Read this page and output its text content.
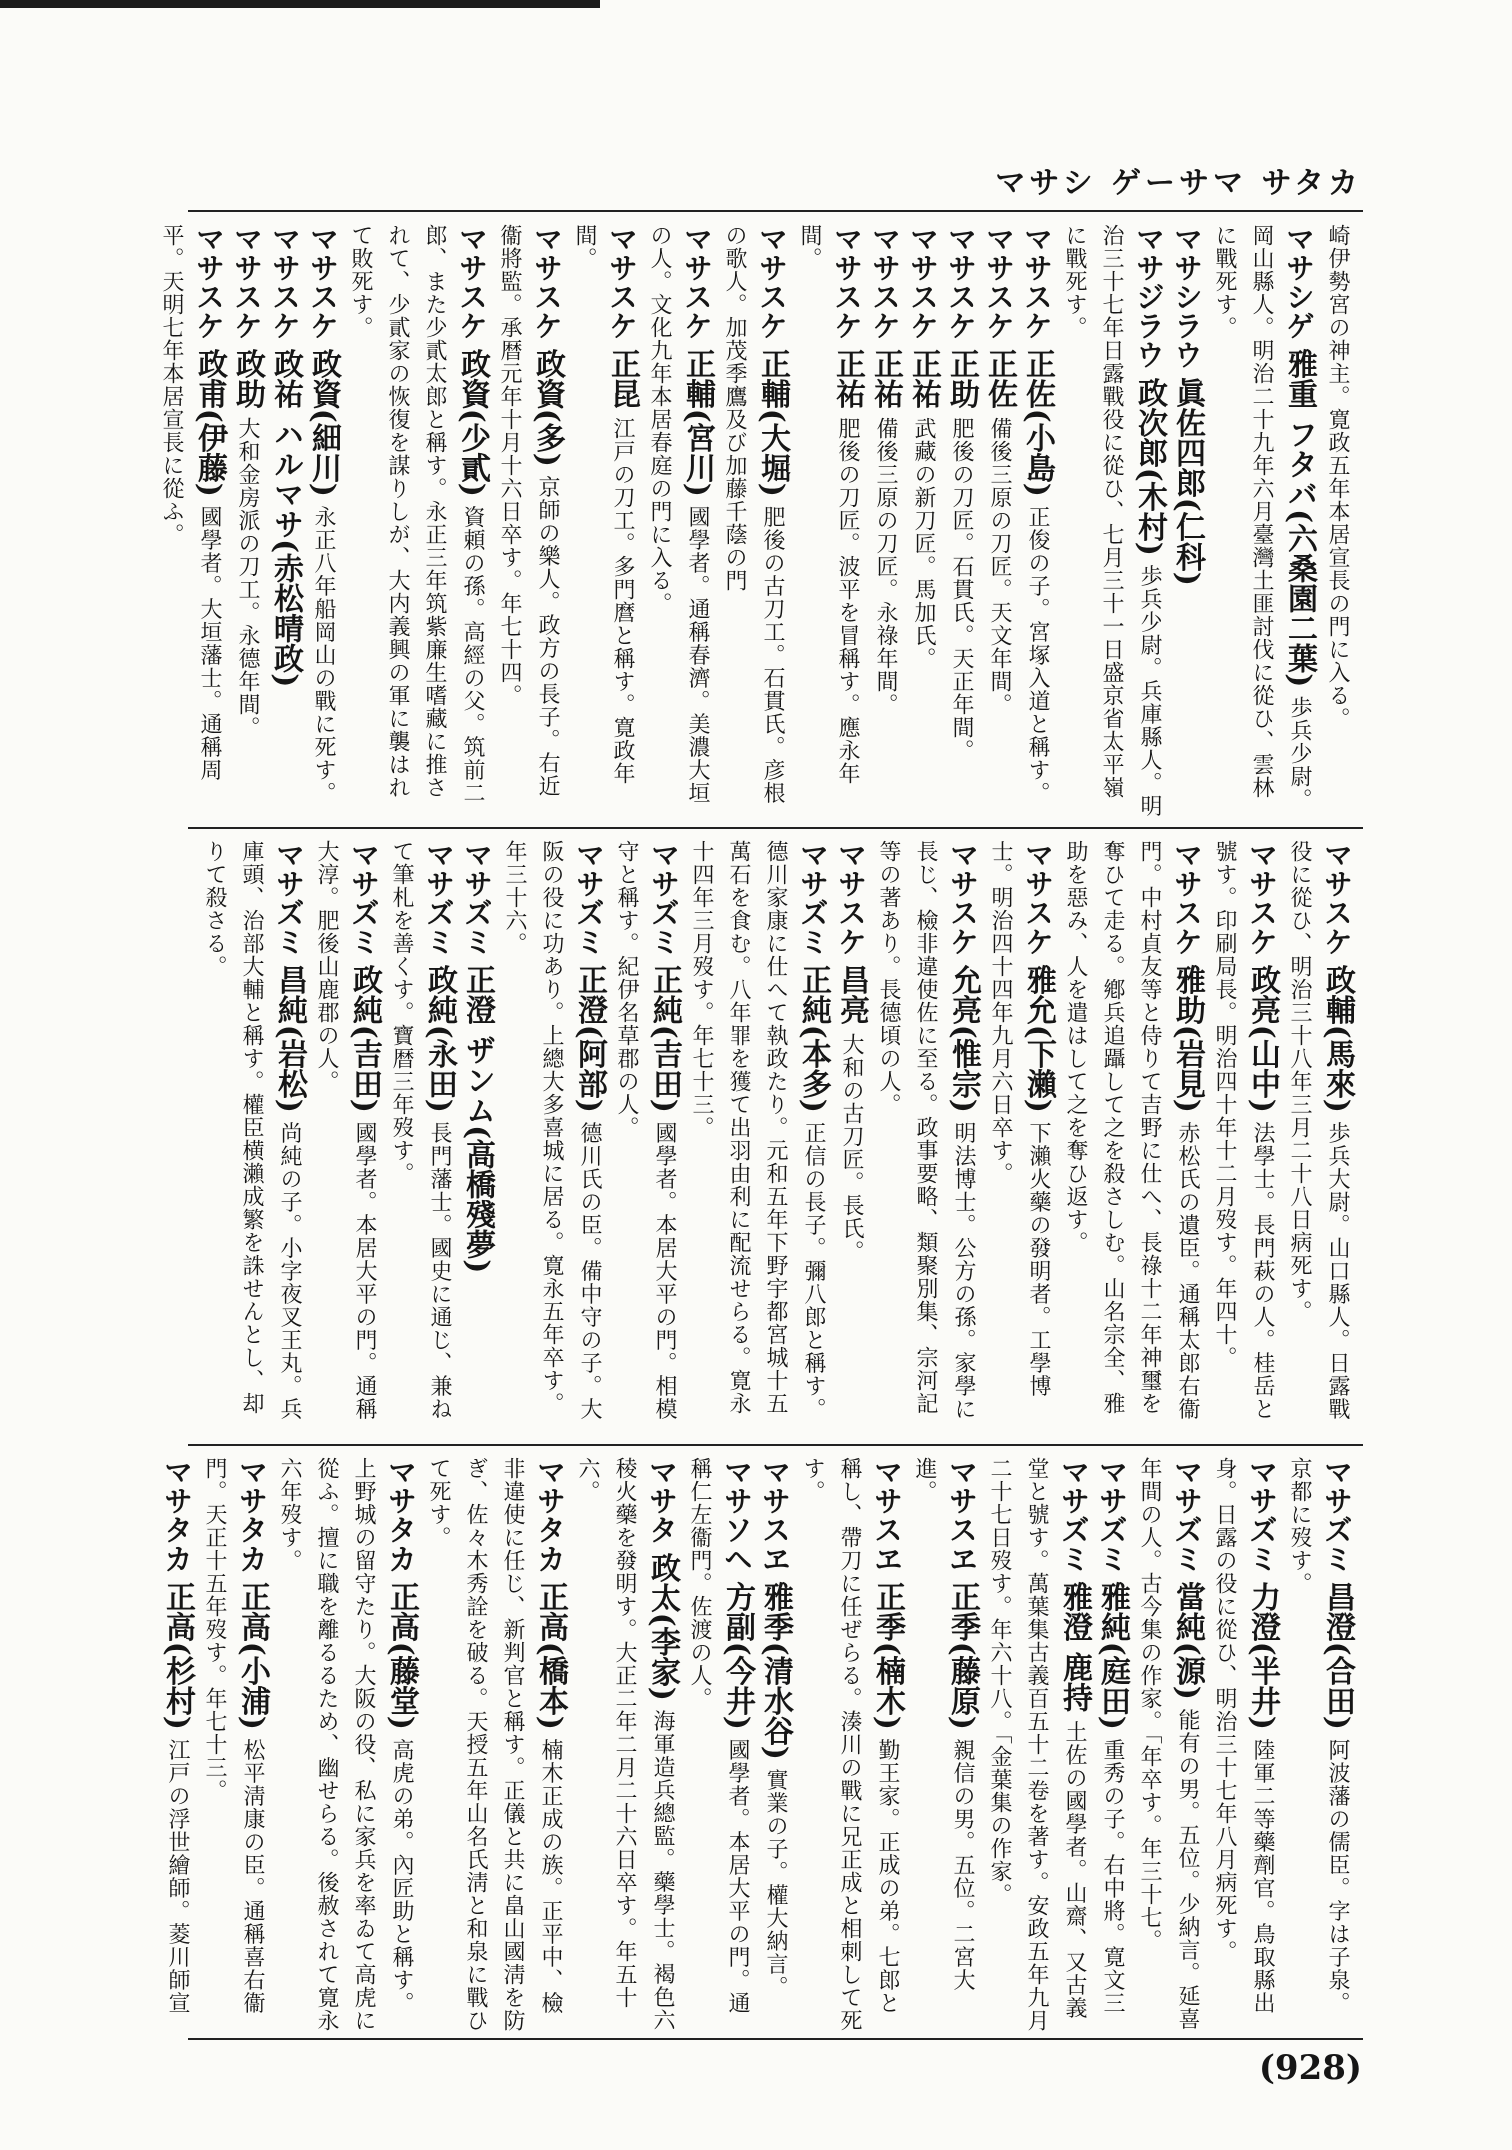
マサシ ゲーサマ サタカ
崎伊勢宮の神主。寛政五年本居宣長の門に入る。
マサシゲ 雅重 フタバ(六桑園二葉) 歩兵少尉。岡山縣人。明治二十九年六月臺灣土匪討伐に從ひ、雲林に戰死す。
マサシラウ 眞佐四郎(仁科)
マサジラウ 政次郎(木村) 歩兵少尉。兵庫縣人。明治三十七年日露戰役に從ひ、七月三十一日盛京省太平嶺に戰死す。
マサスケ 正佐(小島) 正俊の子。宮塚入道と稱す。
マサスケ 正佐 備後三原の刀匠。天文年間。
マサスケ 正助 肥後の刀匠。石貫氏。天正年間。
マサスケ 正祐 武藏の新刀匠。馬加氏。
マサスケ 正祐 備後三原の刀匠。永祿年間。
マサスケ 正祐 肥後の刀匠。波平を冒稱す。應永年間。
マサスケ 正輔(大堀) 肥後の古刀工。石貫氏。彦根の歌人。加茂季鷹及び加藤千蔭の門
マサスケ 正輔(宮川) 國學者。通稱春濟。美濃大垣の人。文化九年本居春庭の門に入る。
マサスケ 正昆 江戸の刀工。多門麿と稱す。寛政年間。
マサスケ 政資(多) 京師の樂人。政方の長子。右近衞將監。承暦元年十月十六日卒す。年七十四。
マサスケ 政資(少貳) 資頼の孫。高經の父。筑前二郎、また少貳太郎と稱す。永正三年筑紫廉生嗜藏に推されて、少貳家の恢復を謀りしが、大内義興の軍に襲はれて敗死す。
マサスケ 政資(細川) 永正八年船岡山の戰に死す。
マサスケ 政祐 ハルマサ(赤松晴政)
マサスケ 政助 大和金房派の刀工。永德年間。
マサスケ 政甫(伊藤) 國學者。大垣藩士。通稱周平。天明七年本居宣長に從ふ。
マサスケ 政輔(馬來) 歩兵大尉。山口縣人。日露戰役に從ひ、明治三十八年三月二十八日病死す。
マサスケ 政亮(山中) 法學士。長門萩の人。桂岳と號す。印刷局長。明治四十年十二月歿す。年四十。
マサスケ 雅助(岩見) 赤松氏の遺臣。通稱太郎右衞門。中村貞友等と侍りて吉野に仕へ、長祿十二年神璽を奪ひて走る。鄕兵追躡して之を殺さしむ。山名宗全、雅助を惡み、人を遣はして之を奪ひ返す。
マサスケ 雅允(下瀨) 下瀨火藥の發明者。工學博士。明治四十四年九月六日卒す。
マサスケ 允亮(惟宗) 明法博士。公方の孫。家學に長じ、檢非違使佐に至る。政事要略、類聚別集、宗河記等の著あり。長德頃の人。
マサスケ 昌亮 大和の古刀匠。長氏。
マサズミ 正純(本多) 正信の長子。彌八郎と稱す。德川家康に仕へて執政たり。元和五年下野宇都宮城十五萬石を食む。八年罪を獲て出羽由利に配流せらる。寛永十四年三月歿す。年七十三。
マサズミ 正純(吉田) 國學者。本居大平の門。相模守と稱す。紀伊名草郡の人。
マサズミ 正澄(阿部) 德川氏の臣。備中守の子。大阪の役に功あり。上總大多喜城に居る。寛永五年卒す。年三十六。
マサズミ 正澄 ザンム(高橋殘夢)
マサズミ 政純(永田) 長門藩士。國史に通じ、兼ねて筆札を善くす。寶暦三年歿す。
マサズミ 政純(吉田) 國學者。本居大平の門。通稱大淳。肥後山鹿郡の人。
マサズミ 昌純(岩松) 尚純の子。小字夜叉王丸。兵庫頭、治部大輔と稱す。權臣横瀨成繁を誅せんとし、却りて殺さる。
マサズミ 昌澄(合田) 阿波藩の儒臣。字は子泉。京都に歿す。
マサズミ 力澄(半井) 陸軍二等藥劑官。鳥取縣出身。日露の役に從ひ、明治三十七年八月病死す。
マサズミ 當純(源) 能有の男。五位。少納言。延喜年間の人。古今集の作家。「年卒す。年三十七。
マサズミ 雅純(庭田) 重秀の子。右中將。寛文三
マサズミ 雅澄 鹿持 土佐の國學者。山齋、又古義堂と號す。萬葉集古義百五十二卷を著す。安政五年九月二十七日歿す。年六十八。「金葉集の作家。
マサスヱ 正季(藤原) 親信の男。五位。二宮大進。
マサスヱ 正季(楠木) 勤王家。正成の弟。七郎と稱し、帶刀に任ぜらる。湊川の戰に兄正成と相刺して死す。
マサスヱ 雅季(清水谷) 實業の子。權大納言。
マサソヘ 方副(今井) 國學者。本居大平の門。通稱仁左衞門。佐渡の人。
マサタ 政太(李家) 海軍造兵總監。藥學士。褐色六稜火藥を發明す。大正二年二月二十六日卒す。年五十六。
マサタカ 正高(橋本) 楠木正成の族。正平中、檢非違使に任じ、新判官と稱す。正儀と共に畠山國淸を防ぎ、佐々木秀詮を破る。天授五年山名氏淸と和泉に戰ひて死す。
マサタカ 正高(藤堂) 高虎の弟。內匠助と稱す。上野城の留守たり。大阪の役、私に家兵を率ゐて高虎に從ふ。擅に職を離るるため、幽せらる。後赦されて寛永六年歿す。
マサタカ 正高(小浦) 松平淸康の臣。通稱喜右衞門。天正十五年歿す。年七十三。
マサタカ 正高(杉村) 江戸の浮世繪師。菱川師宣
(928)
